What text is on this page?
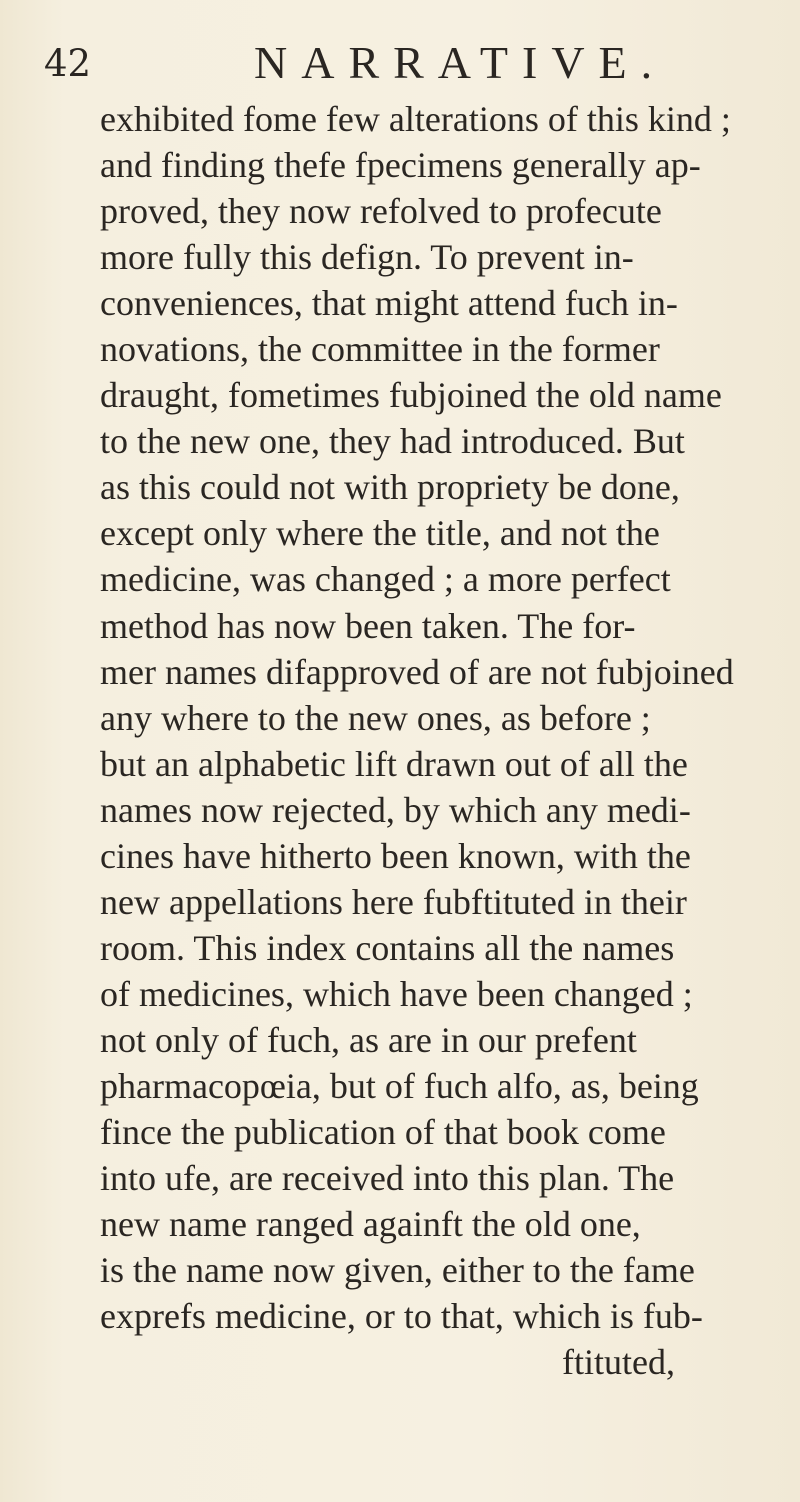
42	NARRATIVE.
exhibited fome few alterations of this kind ;
and finding thefe fpecimens generally ap-
proved, they now refolved to profecute
more fully this defign. To prevent in-
conveniences, that might attend fuch in-
novations, the committee in the former
draught, fometimes fubjoined the old name
to the new one, they had introduced. But
as this could not with propriety be done,
except only where the title, and not the
medicine, was changed ; a more perfect
method has now been taken. The for-
mer names difapproved of are not fubjoined
any where to the new ones, as before ;
but an alphabetic lift drawn out of all the
names now rejected, by which any medi-
cines have hitherto been known, with the
new appellations here fubftituted in their
room. This index contains all the names
of medicines, which have been changed ;
not only of fuch, as are in our prefent
pharmacopœia, but of fuch alfo, as, being
fince the publication of that book come
into ufe, are received into this plan. The
new name ranged againft the old one,
is the name now given, either to the fame
exprefs medicine, or to that, which is fub-
ftituted,
